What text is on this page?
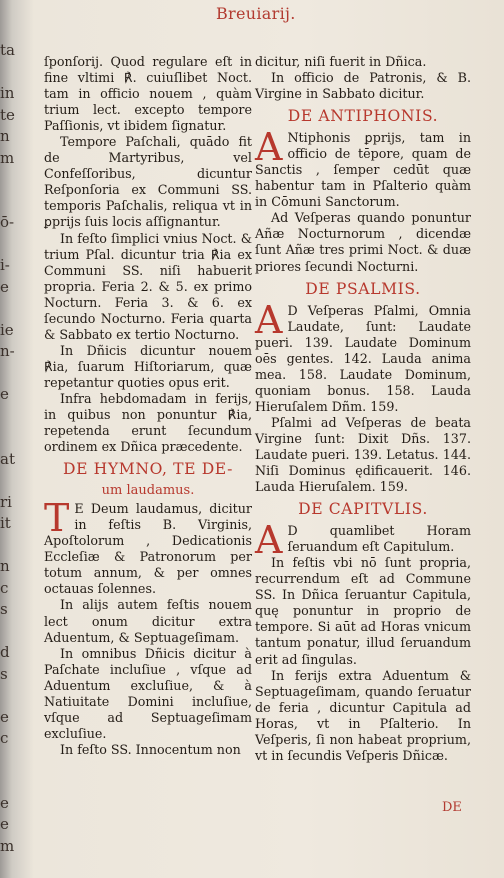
ta
in
te
n
m
ō-
i-
e
ie
n-
e
at
ri
it
n
c
s
d
s
e
c
e
e
m
Breuiarij.

ſponſorij. Quod regulare eſt in fine vltimi ℟. cuiuſlibet Noct. tam in officio nouem , quàm trium lect. excepto tempore Paſſionis, vt ibidem ſignatur.

Tempore Paſchali, quādo fit de Martyribus, vel Confeſſoribus, dicuntur Reſponſoria ex Communi SS. temporis Paſchalis, reliqua vt in ꝑprijs ſuis locis aſſignantur.

In feſto ſimplici vnius Noct. & trium Pſal. dicuntur tria ℟ia ex Communi SS. niſi habuerit propria. Feria 2. & 5. ex primo Nocturn. Feria 3. & 6. ex ſecundo Nocturno. Feria quarta & Sabbato ex tertio Nocturno.

In Dñicis dicuntur nouem ℟ia, ſuarum Hiſtoriarum, quæ repetantur quoties opus erit.

Infra hebdomadam in ferijs, in quibus non ponuntur ℟ia, repetenda erunt ſecundum ordinem ex Dñica præcedente.

DE HYMNO, TE DE-
um laudamus.

T E Deum laudamus, dicitur in feſtis B. Virginis, Apoſtolorum , Dedicationis Eccleſiæ & Patronorum per totum annum, & per omnes octauas ſolennes.

In alijs autem feſtis nouem lect onum dicitur extra Aduentum, & Septuageſimam.

In omnibus Dñicis dicitur à Paſchate incluſiue , vſque ad Aduentum excluſiue, & à Natiuitate Domini incluſiue, vſque ad Septuageſimam excluſiue.

In feſto SS. Innocentum non

dicitur, niſi fuerit in Dñica.

In officio de Patronis, & B. Virgine in Sabbato dicitur.

DE ANTIPHONIS.

A Ntiphonis ꝑprijs, tam in officio de tēpore, quam de Sanctis , ſemper cedūt quæ habentur tam in Pſalterio quàm in Cōmuni Sanctorum.

Ad Veſperas quando ponuntur Añæ Nocturnorum , dicendæ ſunt Añæ tres primi Noct. & duæ priores ſecundi Nocturni.

DE PSALMIS.

A D Veſperas Pſalmi, Omnia Laudate, ſunt: Laudate pueri. 139. Laudate Dominum oēs gentes. 142. Lauda anima mea. 158. Laudate Dominum, quoniam bonus. 158. Lauda Hieruſalem Dñm. 159.

Pſalmi ad Veſperas de beata Virgine ſunt: Dixit Dñs. 137. Laudate pueri. 139. Letatus. 144. Niſi Dominus ędificauerit. 146. Lauda Hieruſalem. 159.

DE CAPITVLIS.

A D quamlibet Horam ſeruandum eſt Capitulum.

In feſtis vbi nō ſunt propria, recurrendum eſt ad Commune SS. In Dñica ſeruantur Capitula, quę ponuntur in proprio de tempore. Si aūt ad Horas vnicum tantum ponatur, illud ſeruandum erit ad ſingulas.

In ferijs extra Aduentum & Septuageſimam, quando ſeruatur de feria , dicuntur Capitula ad Horas, vt in Pſalterio. In Veſperis, ſi non habeat proprium, vt in ſecundis Veſperis Dñicæ.

DE
